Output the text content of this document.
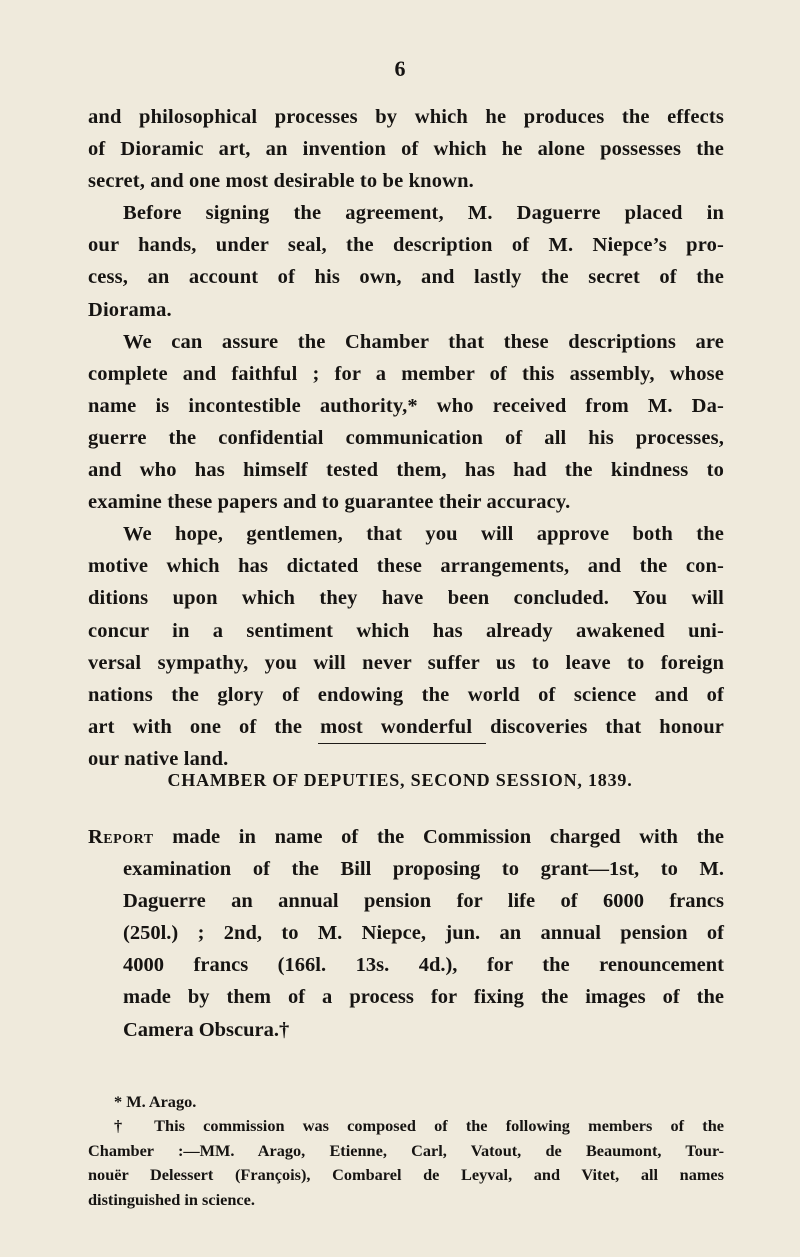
6
and philosophical processes by which he produces the effects
of Dioramic art, an invention of which he alone possesses the
secret, and one most desirable to be known.
Before signing the agreement, M. Daguerre placed in
our hands, under seal, the description of M. Niepce’s pro-
cess, an account of his own, and lastly the secret of the
Diorama.
We can assure the Chamber that these descriptions are
complete and faithful ; for a member of this assembly, whose
name is incontestible authority,* who received from M. Da-
guerre the confidential communication of all his processes,
and who has himself tested them, has had the kindness to
examine these papers and to guarantee their accuracy.
We hope, gentlemen, that you will approve both the
motive which has dictated these arrangements, and the con-
ditions upon which they have been concluded. You will
concur in a sentiment which has already awakened uni-
versal sympathy, you will never suffer us to leave to foreign
nations the glory of endowing the world of science and of
art with one of the most wonderful discoveries that honour
our native land.
CHAMBER OF DEPUTIES, SECOND SESSION, 1839.
Report made in name of the Commission charged with the
examination of the Bill proposing to grant—1st, to M.
Daguerre an annual pension for life of 6000 francs
(250l.) ; 2nd, to M. Niepce, jun. an annual pension of
4000 francs (166l. 13s. 4d.), for the renouncement
made by them of a process for fixing the images of the
Camera Obscura.†
* M. Arago.
† This commission was composed of the following members of the
Chamber :—MM. Arago, Etienne, Carl, Vatout, de Beaumont, Tour-
nouër Delessert (François), Combarel de Leyval, and Vitet, all names
distinguished in science.
